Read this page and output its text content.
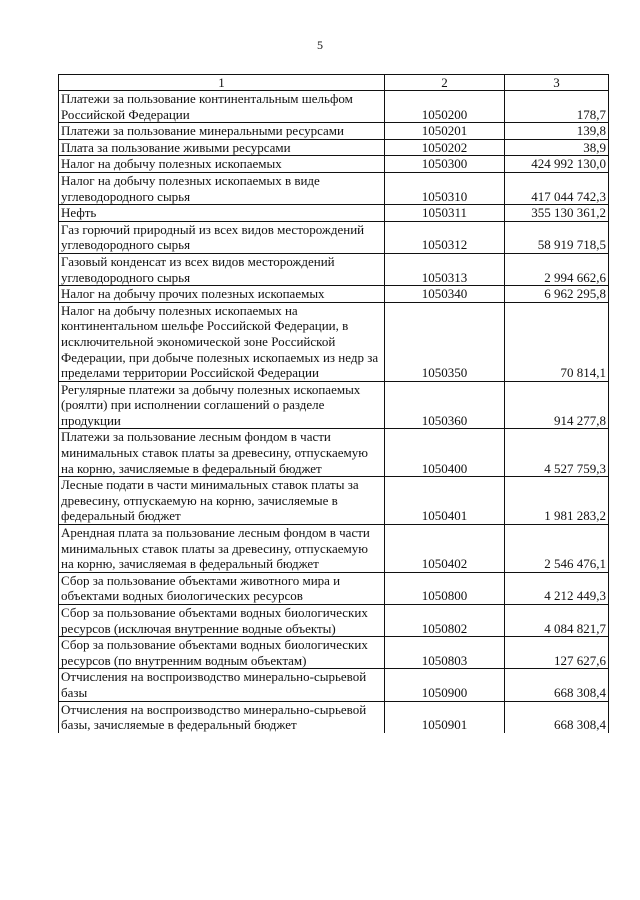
5
1	2	3
Платежи за пользование континентальным шельфом Российской Федерации	1050200	178,7
Платежи за пользование минеральными ресурсами	1050201	139,8
Плата за пользование живыми ресурсами	1050202	38,9
Налог на добычу полезных ископаемых	1050300	424 992 130,0
Налог на добычу полезных ископаемых в виде углеводородного сырья	1050310	417 044 742,3
Нефть	1050311	355 130 361,2
Газ горючий природный из всех видов месторождений углеводородного сырья	1050312	58 919 718,5
Газовый конденсат из всех видов месторождений углеводородного сырья	1050313	2 994 662,6
Налог на добычу прочих полезных ископаемых	1050340	6 962 295,8
Налог на добычу полезных ископаемых на континентальном шельфе Российской Федерации, в исключительной экономической зоне Российской Федерации, при добыче полезных ископаемых из недр за пределами территории Российской Федерации	1050350	70 814,1
Регулярные платежи за добычу полезных ископаемых (роялти) при исполнении соглашений о разделе продукции	1050360	914 277,8
Платежи за пользование лесным фондом в части минимальных ставок платы за древесину, отпускаемую на корню, зачисляемые в федеральный бюджет	1050400	4 527 759,3
Лесные подати в части минимальных ставок платы за древесину, отпускаемую на корню, зачисляемые в федеральный бюджет	1050401	1 981 283,2
Арендная плата за пользование лесным фондом в части минимальных ставок платы за древесину, отпускаемую на корню, зачисляемая в федеральный бюджет	1050402	2 546 476,1
Сбор за пользование объектами животного мира и объектами водных биологических ресурсов	1050800	4 212 449,3
Сбор за пользование объектами водных биологических ресурсов (исключая внутренние водные объекты)	1050802	4 084 821,7
Сбор за пользование объектами водных биологических ресурсов (по внутренним водным объектам)	1050803	127 627,6
Отчисления на воспроизводство минерально-сырьевой базы	1050900	668 308,4
Отчисления на воспроизводство минерально-сырьевой базы, зачисляемые в федеральный бюджет	1050901	668 308,4
